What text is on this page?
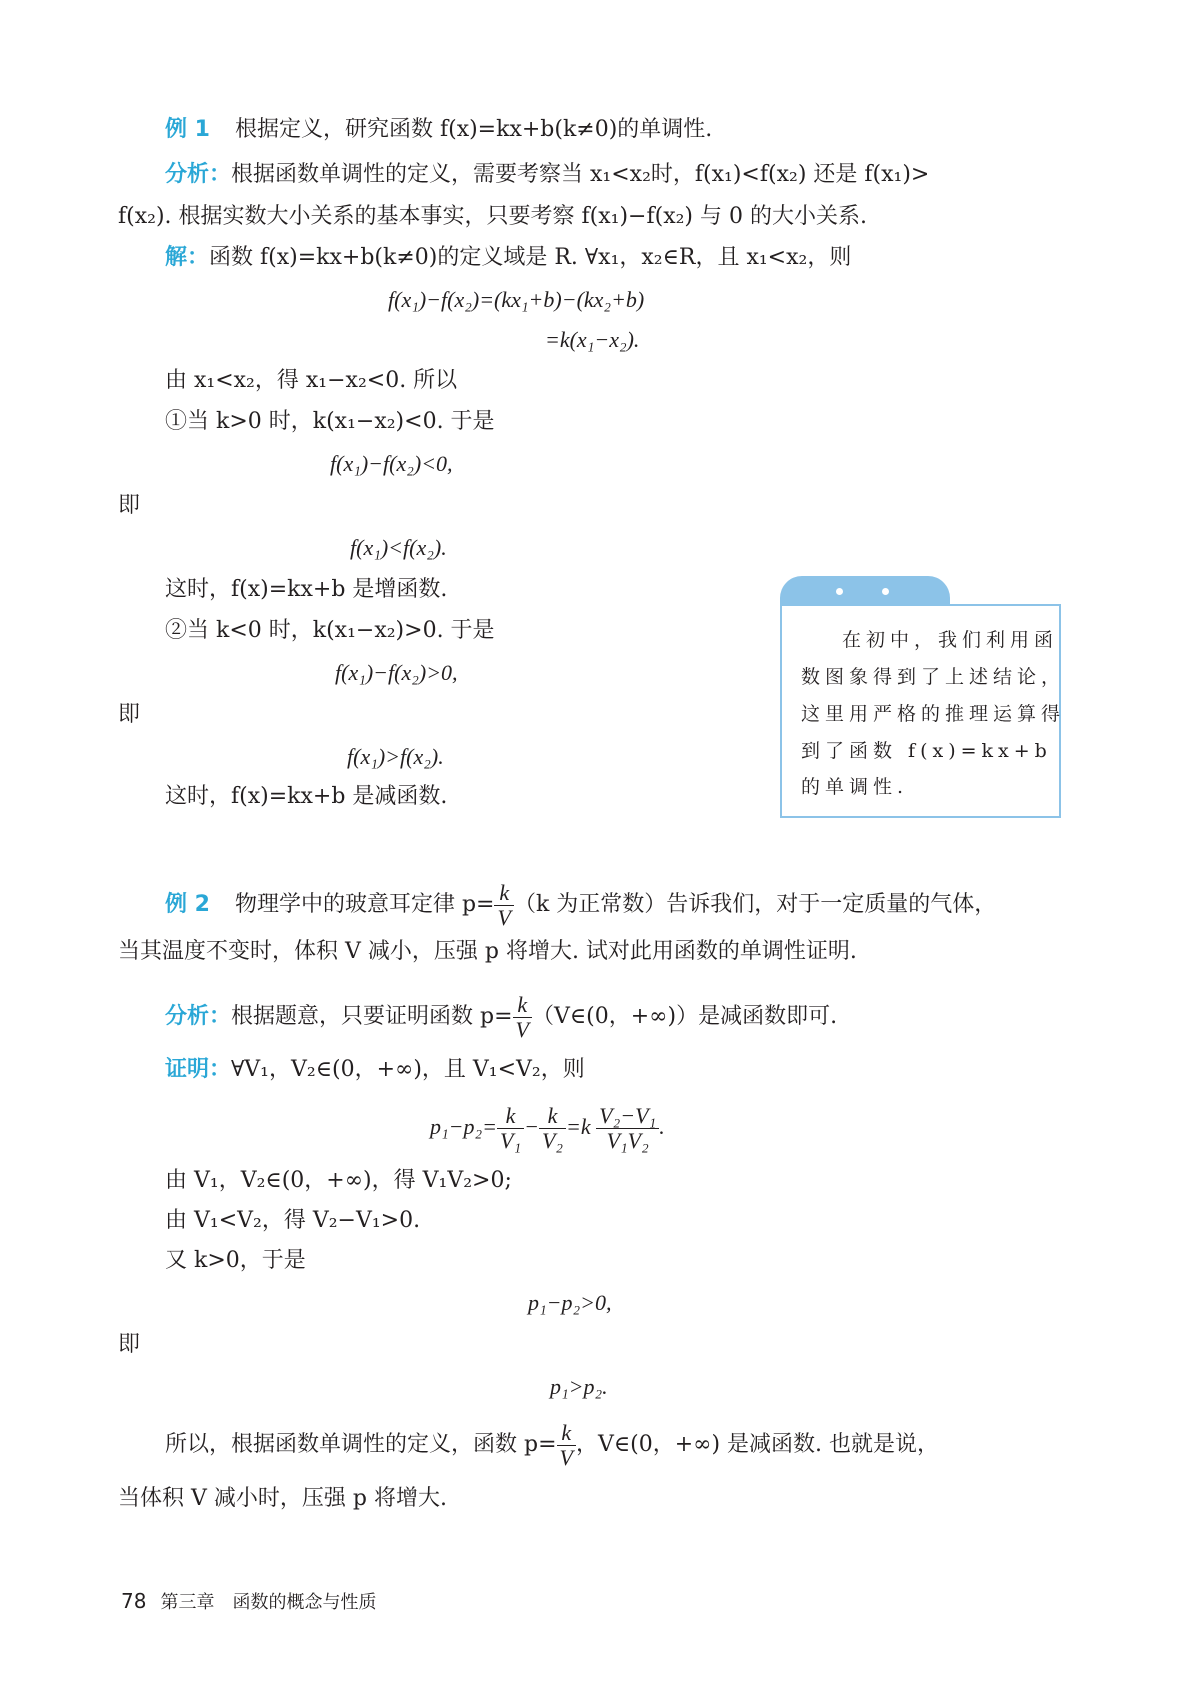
例 1 根据定义，研究函数 f(x)=kx+b(k≠0)的单调性.
分析：根据函数单调性的定义，需要考察当 x₁<x₂时，f(x₁)<f(x₂) 还是 f(x₁)>
f(x₂). 根据实数大小关系的基本事实，只要考察 f(x₁)−f(x₂) 与 0 的大小关系.
解：函数 f(x)=kx+b(k≠0)的定义域是 R. ∀x₁，x₂∈R，且 x₁<x₂，则
f(x₁)−f(x₂)=(kx₁+b)−(kx₂+b)
=k(x₁−x₂).
由 x₁<x₂，得 x₁−x₂<0. 所以
①当 k>0 时，k(x₁−x₂)<0. 于是
f(x₁)−f(x₂)<0,
即
f(x₁)<f(x₂).
这时，f(x)=kx+b 是增函数.
②当 k<0 时，k(x₁−x₂)>0. 于是
f(x₁)−f(x₂)>0,
即
f(x₁)>f(x₂).
这时，f(x)=kx+b 是减函数.
在初中，我们利用函
数图象得到了上述结论，
这里用严格的推理运算得
到了函数 f(x)=kx+b
的单调性.
例 2 物理学中的玻意耳定律 $p= \frac{k}{V} (k$ 为正常数）告诉我们，对于一定质量的气体，
当其温度不变时，体积 V 减小，压强 p 将增大. 试对此用函数的单调性证明.
分析：根据题意，只要证明函数 $p= \frac{k}{V}$ （V∈(0，+∞)）是减函数即可.
证明：∀V₁，V₂∈(0，+∞)，且 V₁<V₂，则
$p_1-p_2= \frac{k}{\text{V₁}} - \frac{k}{\text{V₂}} =k \frac{\text{V₂−V₁}}{\text{V₁V₂}}$ .
由 V₁，V₂∈(0，+∞)，得 V₁V₂>0;
由 V₁<V₂，得 V₂−V₁>0.
又 k>0，于是
p₁−p₂>0,
即
p₁>p₂.
所以，根据函数单调性的定义，函数 $p= \frac{k}{V}$ ，V∈(0，+∞) 是减函数. 也就是说，
当体积 V 减小时，压强 p 将增大.
78 第三章 函数的概念与性质
